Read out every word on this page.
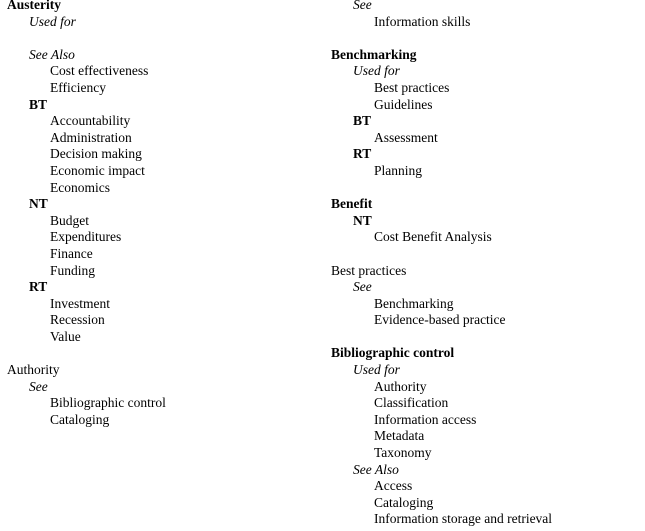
Austerity
Used for
See Also
Cost effectiveness
Efficiency
BT
Accountability
Administration
Decision making
Economic impact
Economics
NT
Budget
Expenditures
Finance
Funding
RT
Investment
Recession
Value
Authority
See
Bibliographic control
Cataloging
See
Information skills
Benchmarking
Used for
Best practices
Guidelines
BT
Assessment
RT
Planning
Benefit
NT
Cost Benefit Analysis
Best practices
See
Benchmarking
Evidence-based practice
Bibliographic control
Used for
Authority
Classification
Information access
Metadata
Taxonomy
See Also
Access
Cataloging
Information storage and retrieval
